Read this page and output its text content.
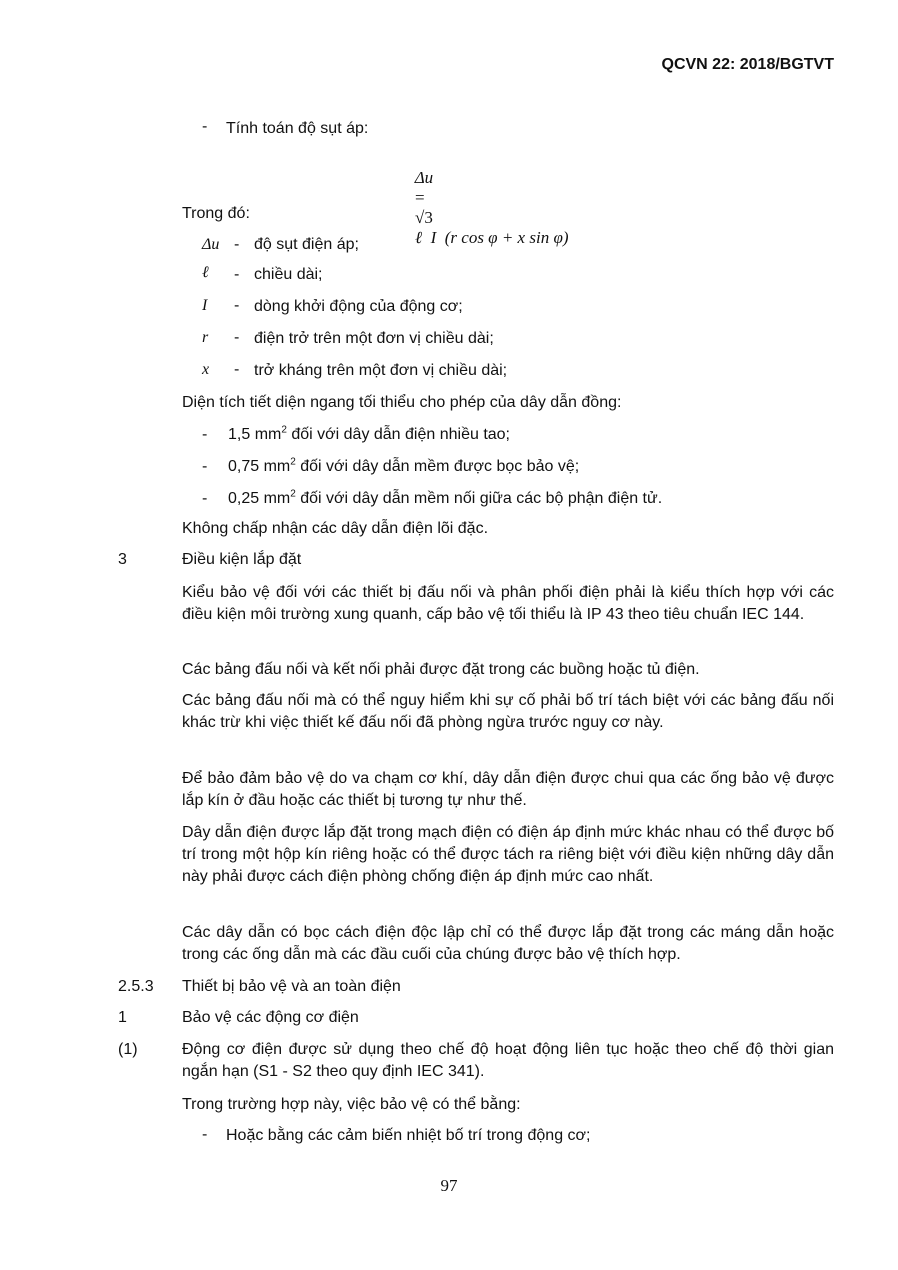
QCVN 22: 2018/BGTVT
- Tính toán độ sụt áp:

Δu
=
√3
ℓ  I  (r cos φ + x sin φ)

Trong đó:
Δu - độ sụt điện áp;
ℓ - chiều dài;
I - dòng khởi động của động cơ;
r - điện trở trên một đơn vị chiều dài;
x - trở kháng trên một đơn vị chiều dài;
Diện tích tiết diện ngang tối thiểu cho phép của dây dẫn đồng:
- 1,5 $mm^2$ đối với dây dẫn điện nhiều tao;
- 0,75 $mm^2$ đối với dây dẫn mềm được bọc bảo vệ;
- 0,25 $mm^2$ đối với dây dẫn mềm nối giữa các bộ phận điện tử.
Không chấp nhận các dây dẫn điện lõi đặc.
3	Điều kiện lắp đặt
Kiểu bảo vệ đối với các thiết bị đấu nối và phân phối điện phải là kiểu thích hợp với các điều kiện môi trường xung quanh, cấp bảo vệ tối thiểu là IP 43 theo tiêu chuẩn IEC 144.
Các bảng đấu nối và kết nối phải được đặt trong các buồng hoặc tủ điện.
Các bảng đấu nối mà có thể nguy hiểm khi sự cố phải bố trí tách biệt với các bảng đấu nối khác trừ khi việc thiết kế đấu nối đã phòng ngừa trước nguy cơ này.
Để bảo đảm bảo vệ do va chạm cơ khí, dây dẫn điện được chui qua các ống bảo vệ được lắp kín ở đầu hoặc các thiết bị tương tự như thế.
Dây dẫn điện được lắp đặt trong mạch điện có điện áp định mức khác nhau có thể được bố trí trong một hộp kín riêng hoặc có thể được tách ra riêng biệt với điều kiện những dây dẫn này phải được cách điện phòng chống điện áp định mức cao nhất.
Các dây dẫn có bọc cách điện độc lập chỉ có thể được lắp đặt trong các máng dẫn hoặc trong các ống dẫn mà các đầu cuối của chúng được bảo vệ thích hợp.
2.5.3 Thiết bị bảo vệ và an toàn điện
1	Bảo vệ các động cơ điện
(1)	Động cơ điện được sử dụng theo chế độ hoạt động liên tục hoặc theo chế độ thời gian ngắn hạn (S1 - S2 theo quy định IEC 341).
Trong trường hợp này, việc bảo vệ có thể bằng:
- Hoặc bằng các cảm biến nhiệt bố trí trong động cơ;
97
